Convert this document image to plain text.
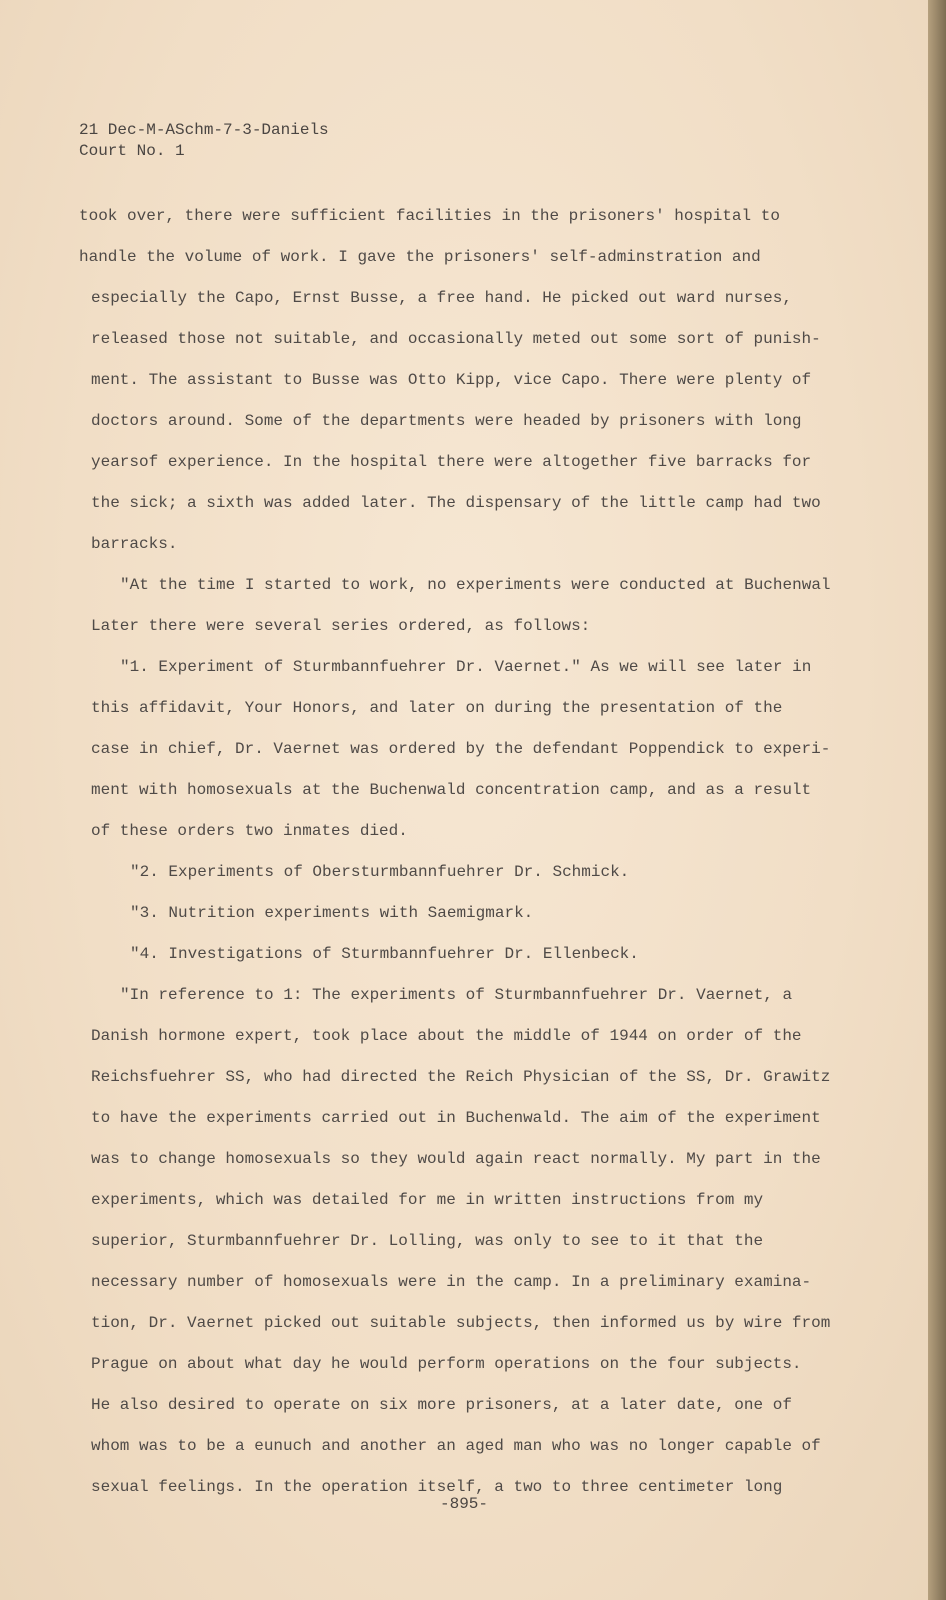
21 Dec-M-ASchm-7-3-Daniels
Court No. 1
took over, there were sufficient facilities in the prisoners' hospital to
handle the volume of work. I gave the prisoners' self-adminstration and
especially the Capo, Ernst Busse, a free hand. He picked out ward nurses,
released those not suitable, and occasionally meted out some sort of punish-
ment. The assistant to Busse was Otto Kipp, vice Capo. There were plenty of
doctors around. Some of the departments were headed by prisoners with long
yearsof experience. In the hospital there were altogether five barracks for
the sick; a sixth was added later. The dispensary of the little camp had two
barracks.
"At the time I started to work, no experiments were conducted at Buchenwal
Later there were several series ordered, as follows:
"1. Experiment of Sturmbannfuehrer Dr. Vaernet." As we will see later in
this affidavit, Your Honors, and later on during the presentation of the
case in chief, Dr. Vaernet was ordered by the defendant Poppendick to experi-
ment with homosexuals at the Buchenwald concentration camp, and as a result
of these orders two inmates died.
"2. Experiments of Obersturmbannfuehrer Dr. Schmick.
"3. Nutrition experiments with Saemigmark.
"4. Investigations of Sturmbannfuehrer Dr. Ellenbeck.
"In reference to 1: The experiments of Sturmbannfuehrer Dr. Vaernet, a
Danish hormone expert, took place about the middle of 1944 on order of the
Reichsfuehrer SS, who had directed the Reich Physician of the SS, Dr. Grawitz
to have the experiments carried out in Buchenwald. The aim of the experiment
was to change homosexuals so they would again react normally. My part in the
experiments, which was detailed for me in written instructions from my
superior, Sturmbannfuehrer Dr. Lolling, was only to see to it that the
necessary number of homosexuals were in the camp. In a preliminary examina-
tion, Dr. Vaernet picked out suitable subjects, then informed us by wire from
Prague on about what day he would perform operations on the four subjects.
He also desired to operate on six more prisoners, at a later date, one of
whom was to be a eunuch and another an aged man who was no longer capable of
sexual feelings. In the operation itself, a two to three centimeter long
-895-
